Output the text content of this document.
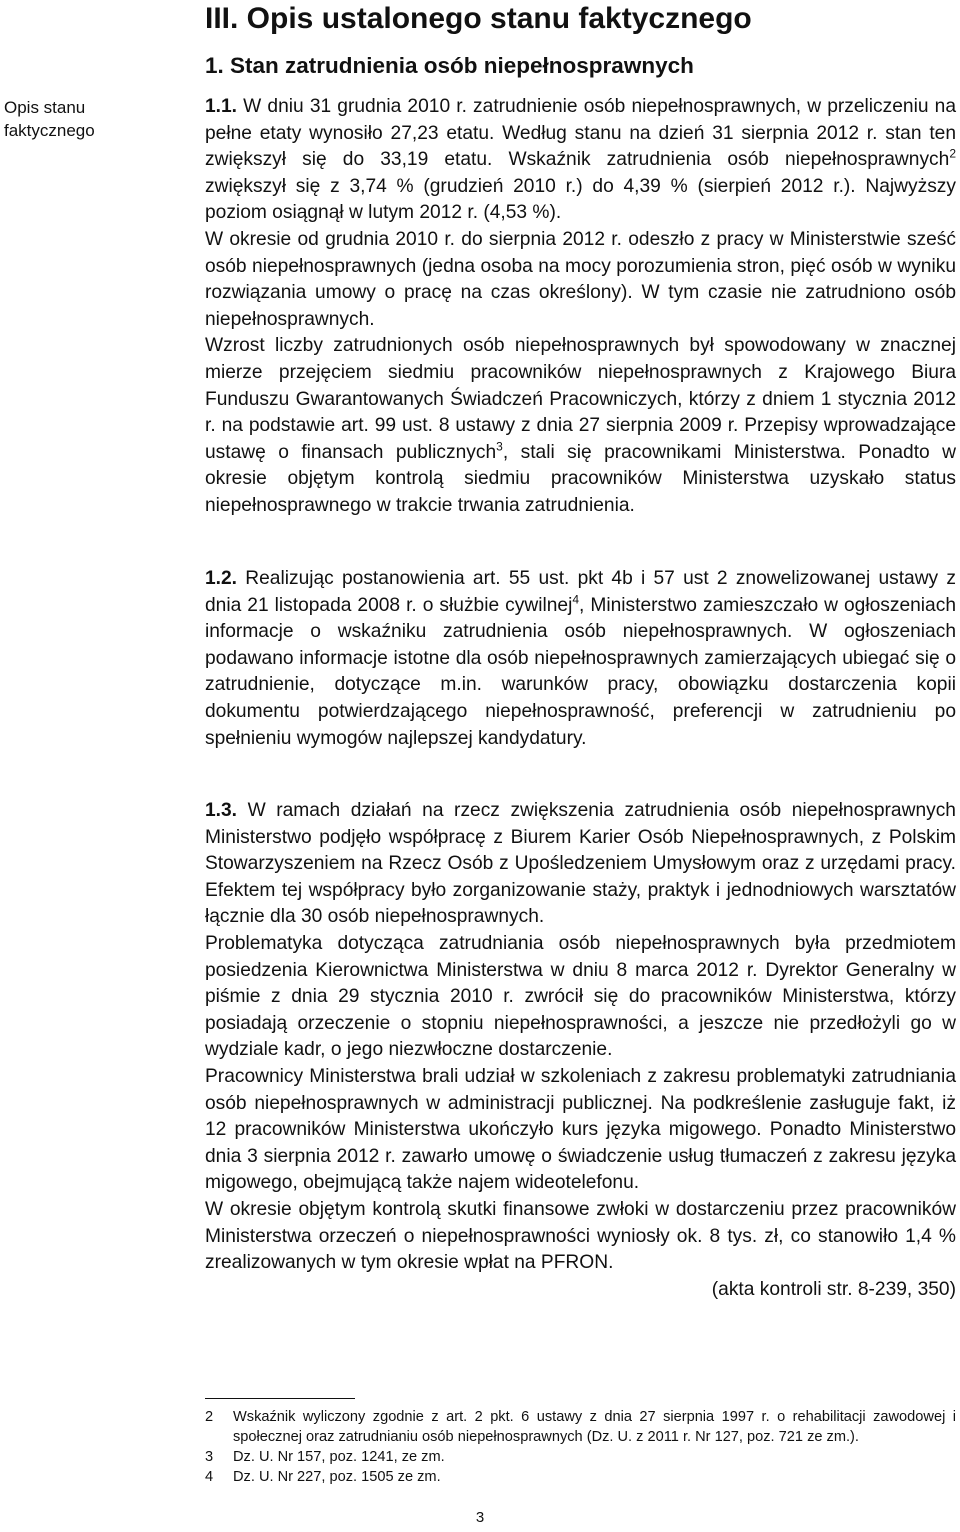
Opis stanu faktycznego
III. Opis ustalonego stanu faktycznego
1. Stan zatrudnienia osób niepełnosprawnych

1.1. W dniu 31 grudnia 2010 r. zatrudnienie osób niepełnosprawnych, w przeliczeniu na pełne etaty wynosiło 27,23 etatu. Według stanu na dzień 31 sierpnia 2012 r. stan ten zwiększył się do 33,19 etatu. Wskaźnik zatrudnienia osób niepełnosprawnych$^2$ zwiększył się z 3,74 % (grudzień 2010 r.) do 4,39 % (sierpień 2012 r.). Najwyższy poziom osiągnął w lutym 2012 r. (4,53 %).

W okresie od grudnia 2010 r. do sierpnia 2012 r. odeszło z pracy w Ministerstwie sześć osób niepełnosprawnych (jedna osoba na mocy porozumienia stron, pięć osób w wyniku rozwiązania umowy o pracę na czas określony). W tym czasie nie zatrudniono osób niepełnosprawnych.

Wzrost liczby zatrudnionych osób niepełnosprawnych był spowodowany w znacznej mierze przejęciem siedmiu pracowników niepełnosprawnych z Krajowego Biura Funduszu Gwarantowanych Świadczeń Pracowniczych, którzy z dniem 1 stycznia 2012 r. na podstawie art. 99 ust. 8 ustawy z dnia 27 sierpnia 2009 r. Przepisy wprowadzające ustawę o finansach publicznych$^3$, stali się pracownikami Ministerstwa. Ponadto w okresie objętym kontrolą siedmiu pracowników Ministerstwa uzyskało status niepełnosprawnego w trakcie trwania zatrudnienia.

1.2. Realizując postanowienia art. 55 ust. pkt 4b i 57 ust 2 znowelizowanej ustawy z dnia 21 listopada 2008 r. o służbie cywilnej$^4$, Ministerstwo zamieszczało w ogłoszeniach informacje o wskaźniku zatrudnienia osób niepełnosprawnych. W ogłoszeniach podawano informacje istotne dla osób niepełnosprawnych zamierzających ubiegać się o zatrudnienie, dotyczące m.in. warunków pracy, obowiązku dostarczenia kopii dokumentu potwierdzającego niepełnosprawność, preferencji w zatrudnieniu po spełnieniu wymogów najlepszej kandydatury.

1.3. W ramach działań na rzecz zwiększenia zatrudnienia osób niepełnosprawnych Ministerstwo podjęło współpracę z Biurem Karier Osób Niepełnosprawnych, z Polskim Stowarzyszeniem na Rzecz Osób z Upośledzeniem Umysłowym oraz z urzędami pracy. Efektem tej współpracy było zorganizowanie staży, praktyk i jednodniowych warsztatów łącznie dla 30 osób niepełnosprawnych.

Problematyka dotycząca zatrudniania osób niepełnosprawnych była przedmiotem posiedzenia Kierownictwa Ministerstwa w dniu 8 marca 2012 r. Dyrektor Generalny w piśmie z dnia 29 stycznia 2010 r. zwrócił się do pracowników Ministerstwa, którzy posiadają orzeczenie o stopniu niepełnosprawności, a jeszcze nie przedłożyli go w wydziale kadr, o jego niezwłoczne dostarczenie.

Pracownicy Ministerstwa brali udział w szkoleniach z zakresu problematyki zatrudniania osób niepełnosprawnych w administracji publicznej. Na podkreślenie zasługuje fakt, iż 12 pracowników Ministerstwa ukończyło kurs języka migowego. Ponadto Ministerstwo dnia 3 sierpnia 2012 r. zawarło umowę o świadczenie usług tłumaczeń z zakresu języka migowego, obejmującą także najem wideotelefonu.

W okresie objętym kontrolą skutki finansowe zwłoki w dostarczeniu przez pracowników Ministerstwa orzeczeń o niepełnosprawności wyniosły ok. 8 tys. zł, co stanowiło 1,4 % zrealizowanych w tym okresie wpłat na PFRON.

(akta kontroli str. 8-239, 350)

2 Wskaźnik wyliczony zgodnie z art. 2 pkt. 6 ustawy z dnia 27 sierpnia 1997 r. o rehabilitacji zawodowej i społecznej oraz zatrudnianiu osób niepełnosprawnych (Dz. U. z 2011 r. Nr 127, poz. 721 ze zm.).

3 Dz. U. Nr 157, poz. 1241, ze zm.

4 Dz. U. Nr 227, poz. 1505 ze zm.

3
